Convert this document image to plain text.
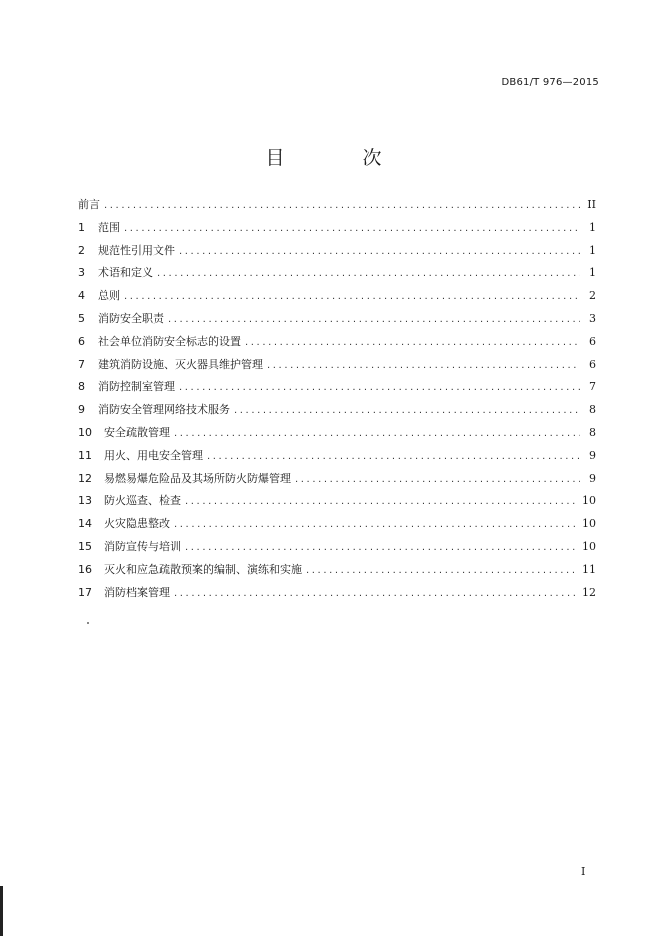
DB61/T 976—2015
目 次
前言 .....	II
1	范围 .....	1
2	规范性引用文件 .....	1
3	术语和定义 .....	1
4	总则 .....	2
5	消防安全职责 .....	3
6	社会单位消防安全标志的设置 .....	6
7	建筑消防设施、灭火器具维护管理 .....	6
8	消防控制室管理 .....	7
9	消防安全管理网络技术服务 .....	8
10	安全疏散管理 .....	8
11	用火、用电安全管理 .....	9
12	易燃易爆危险品及其场所防火防爆管理 .....	9
13	防火巡查、检查 .....	10
14	火灾隐患整改 .....	10
15	消防宣传与培训 .....	10
16	灭火和应急疏散预案的编制、演练和实施 .....	11
17	消防档案管理 .....	12
I
